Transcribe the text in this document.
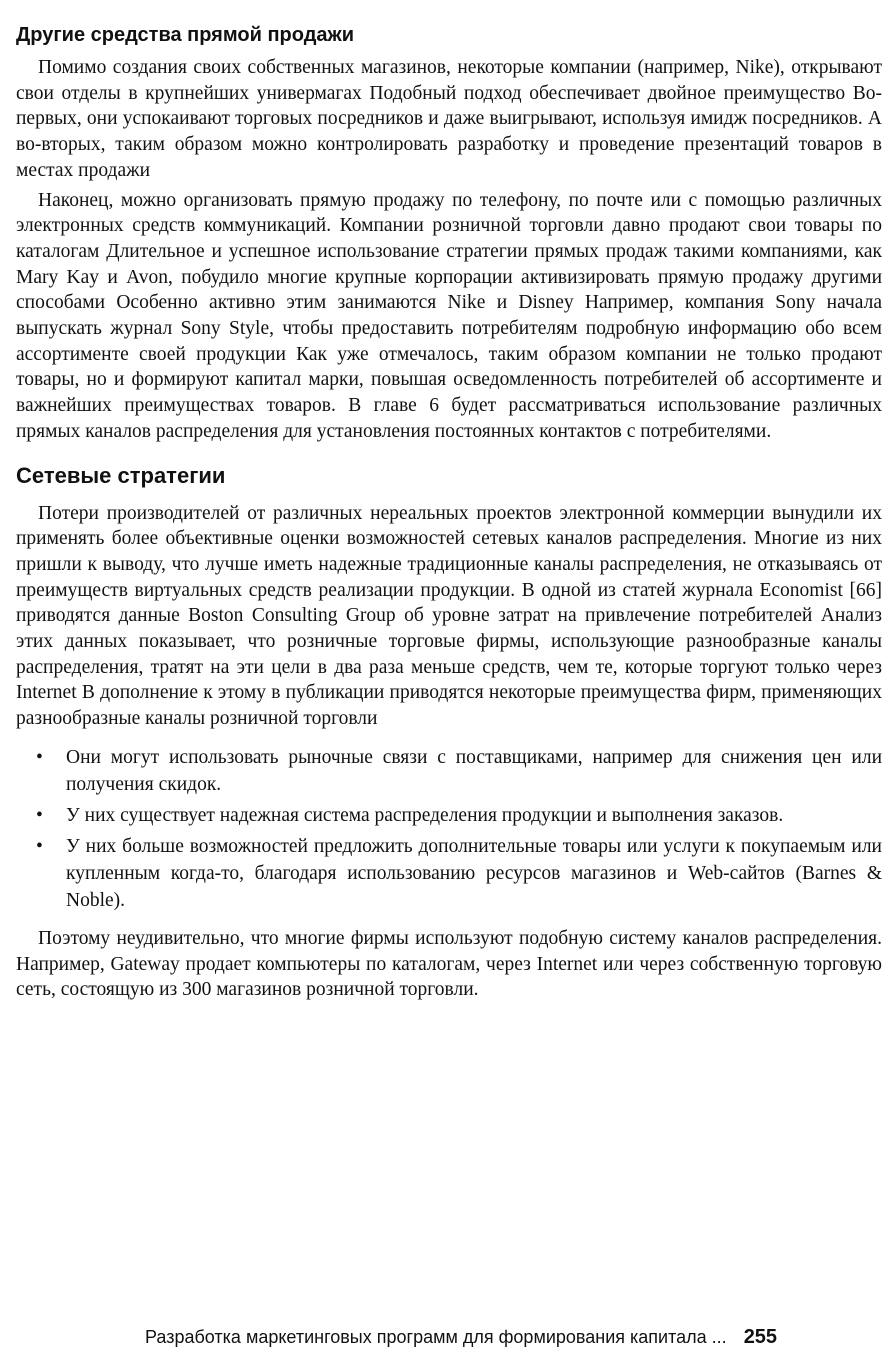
Другие средства прямой продажи

Помимо создания своих собственных магазинов, некоторые компании (например, Nike), открывают свои отделы в крупнейших универмагах Подобный подход обеспечивает двойное преимущество Во-первых, они успокаивают торговых посредников и даже выигрывают, используя имидж посредников. А во-вторых, таким образом можно контролировать разработку и проведение презентаций товаров в местах продажи

Наконец, можно организовать прямую продажу по телефону, по почте или с помощью различных электронных средств коммуникаций. Компании розничной торговли давно продают свои товары по каталогам Длительное и успешное использование стратегии прямых продаж такими компаниями, как Mary Kay и Avon, побудило многие крупные корпорации активизировать прямую продажу другими способами Особенно активно этим занимаются Nike и Disney Например, компания Sony начала выпускать журнал Sony Style, чтобы предоставить потребителям подробную информацию обо всем ассортименте своей продукции Как уже отмечалось, таким образом компании не только продают товары, но и формируют капитал марки, повышая осведомленность потребителей об ассортименте и важнейших преимуществах товаров. В главе 6 будет рассматриваться использование различных прямых каналов распределения для установления постоянных контактов с потребителями.

Сетевые стратегии

Потери производителей от различных нереальных проектов электронной коммерции вынудили их применять более объективные оценки возможностей сетевых каналов распределения. Многие из них пришли к выводу, что лучше иметь надежные традиционные каналы распределения, не отказываясь от преимуществ виртуальных средств реализации продукции. В одной из статей журнала Economist [66] приводятся данные Boston Consulting Group об уровне затрат на привлечение потребителей Анализ этих данных показывает, что розничные торговые фирмы, использующие разнообразные каналы распределения, тратят на эти цели в два раза меньше средств, чем те, которые торгуют только через Internet В дополнение к этому в публикации приводятся некоторые преимущества фирм, применяющих разнообразные каналы розничной торговли

• Они могут использовать рыночные связи с поставщиками, например для снижения цен или получения скидок.
• У них существует надежная система распределения продукции и выполнения заказов.
• У них больше возможностей предложить дополнительные товары или услуги к покупаемым или купленным когда-то, благодаря использованию ресурсов магазинов и Web-сайтов (Barnes & Noble).

Поэтому неудивительно, что многие фирмы используют подобную систему каналов распределения. Например, Gateway продает компьютеры по каталогам, через Internet или через собственную торговую сеть, состоящую из 300 магазинов розничной торговли.

Разработка маркетинговых программ для формирования капитала ... 255
